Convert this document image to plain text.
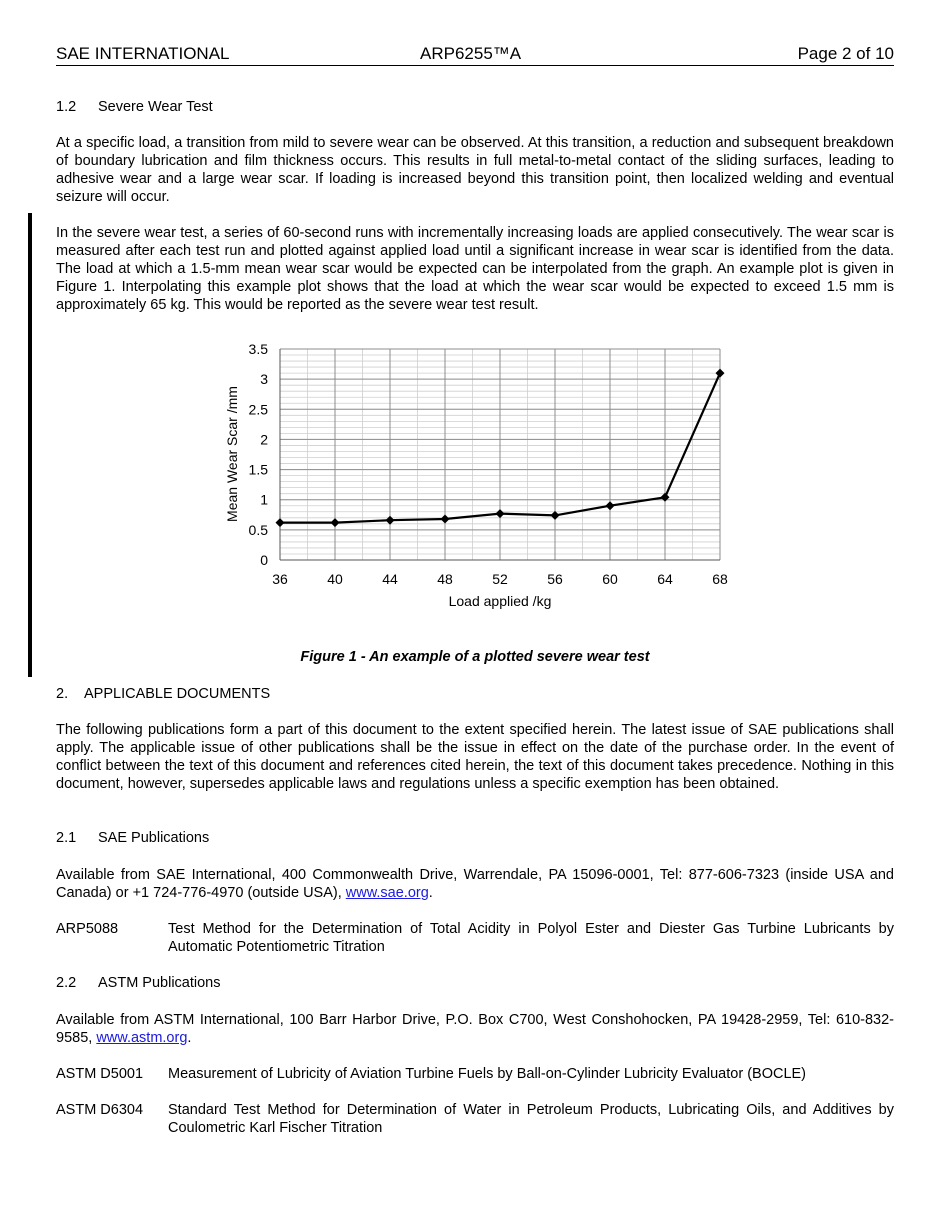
SAE INTERNATIONAL	ARP6255™A	Page 2 of 10
1.2 Severe Wear Test

At a specific load, a transition from mild to severe wear can be observed. At this transition, a reduction and subsequent breakdown of boundary lubrication and film thickness occurs. This results in full metal-to-metal contact of the sliding surfaces, leading to adhesive wear and a large wear scar. If loading is increased beyond this transition point, then localized welding and eventual seizure will occur.

In the severe wear test, a series of 60-second runs with incrementally increasing loads are applied consecutively. The wear scar is measured after each test run and plotted against applied load until a significant increase in wear scar is identified from the data. The load at which a 1.5-mm mean wear scar would be expected can be interpolated from the graph. An example plot is given in Figure 1. Interpolating this example plot shows that the load at which the wear scar would be expected to exceed 1.5 mm is approximately 65 kg. This would be reported as the severe wear test result.

0
0.5
1
1.5
2
2.5
3
3.5
36	40	44	48	52	56	60	64	68
Load applied /kg
Mean Wear Scar /mm
Figure 1 - An example of a plotted severe wear test
2. APPLICABLE DOCUMENTS

The following publications form a part of this document to the extent specified herein. The latest issue of SAE publications shall apply. The applicable issue of other publications shall be the issue in effect on the date of the purchase order. In the event of conflict between the text of this document and references cited herein, the text of this document takes precedence. Nothing in this document, however, supersedes applicable laws and regulations unless a specific exemption has been obtained.

2.1 SAE Publications

Available from SAE International, 400 Commonwealth Drive, Warrendale, PA 15096-0001, Tel: 877-606-7323 (inside USA and Canada) or +1 724-776-4970 (outside USA), www.sae.org.

ARP5088	Test Method for the Determination of Total Acidity in Polyol Ester and Diester Gas Turbine Lubricants by Automatic Potentiometric Titration
2.2 ASTM Publications

Available from ASTM International, 100 Barr Harbor Drive, P.O. Box C700, West Conshohocken, PA 19428-2959, Tel: 610-832-9585, www.astm.org.

ASTM D5001 Measurement of Lubricity of Aviation Turbine Fuels by Ball-on-Cylinder Lubricity Evaluator (BOCLE)
ASTM D6304 Standard Test Method for Determination of Water in Petroleum Products, Lubricating Oils, and Additives by Coulometric Karl Fischer Titration
